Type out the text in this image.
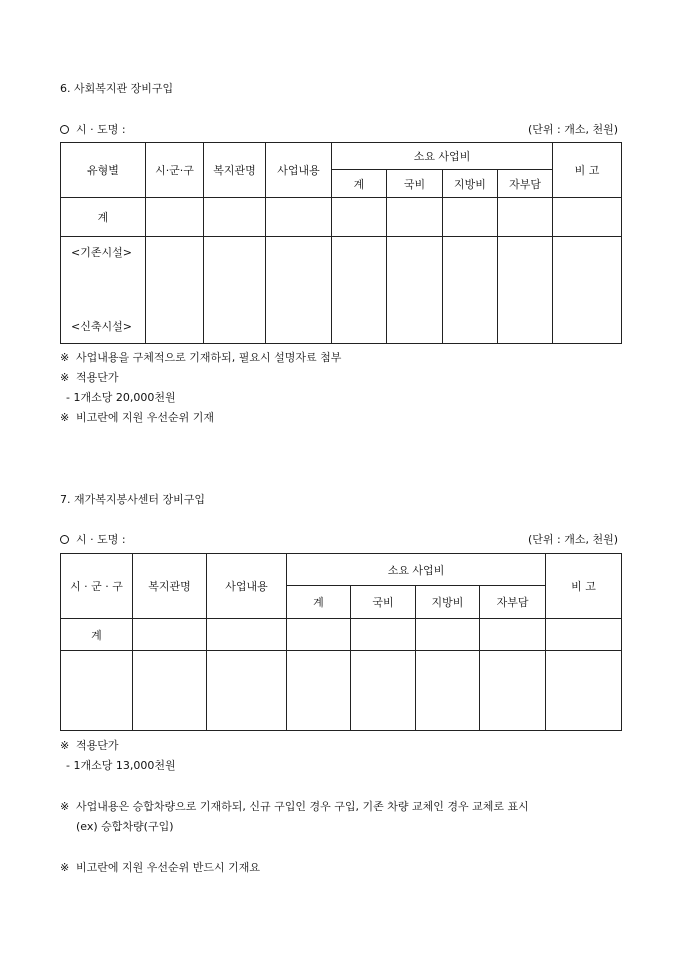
6. 사회복지관 장비구입
시 · 도명 :	(단위 : 개소, 천원)
유형별	시·군·구	복지관명	사업내용	소요 사업비				비 고
				계	국비	지방비	자부담	
계								

<기존시설>
<신축시설>								

※ 사업내용을 구체적으로 기재하되, 필요시 설명자료 첨부
※ 적용단가
- 1개소당 20,000천원
※ 비고란에 지원 우선순위 기재
7. 재가복지봉사센터 장비구입
시 · 도명 :	(단위 : 개소, 천원)
시 · 군 · 구	복지관명	사업내용	소요 사업비				비 고
			계	국비	지방비	자부담	
계							

※ 적용단가
- 1개소당 13,000천원
※ 사업내용은 승합차량으로 기재하되, 신규 구입인 경우 구입, 기존 차량 교체인 경우 교체로 표시
(ex) 승합차량(구입)
※ 비고란에 지원 우선순위 반드시 기재요
